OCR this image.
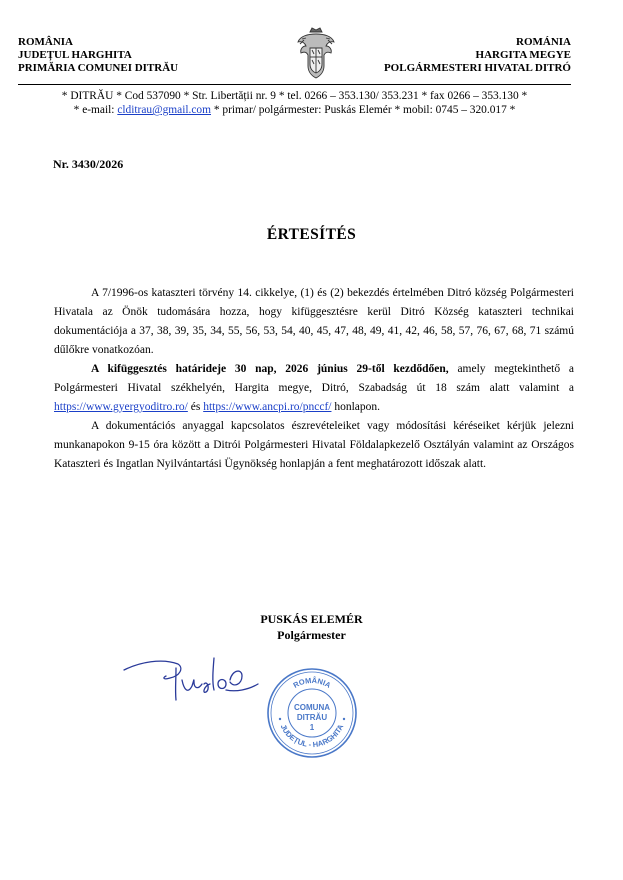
ROMÂNIA
JUDEȚUL HARGHITA
PRIMĂRIA COMUNEI DITRĂU
ROMÁNIA
HARGITA MEGYE
POLGÁRMESTERI HIVATAL DITRÓ
* DITRĂU * Cod 537090 * Str. Libertății nr. 9 * tel. 0266 – 353.130/ 353.231 * fax 0266 – 353.130 *
* e-mail: clditrau@gmail.com * primar/ polgármester: Puskás Elemér * mobil: 0745 – 320.017 *
Nr. 3430/2026
ÉRTESÍTÉS

A 7/1996-os kataszteri törvény 14. cikkelye, (1) és (2) bekezdés értelmében Ditró község Polgármesteri Hivatala az Önök tudomására hozza, hogy kifüggesztésre kerül Ditró Község kataszteri technikai dokumentációja a 37, 38, 39, 35, 34, 55, 56, 53, 54, 40, 45, 47, 48, 49, 41, 42, 46, 58, 57, 76, 67, 68, 71 számú dűlőkre vonatkozóan.

A kifüggesztés határideje 30 nap, 2026 június 29-től kezdődően, amely megtekinthető a Polgármesteri Hivatal székhelyén, Hargita megye, Ditró, Szabadság út 18 szám alatt valamint a https://www.gyergyoditro.ro/ és https://www.ancpi.ro/pnccf/ honlapon.

A dokumentációs anyaggal kapcsolatos észrevételeiket vagy módosítási kéréseiket kérjük jelezni munkanapokon 9-15 óra között a Ditrói Polgármesteri Hivatal Földalapkezelő Osztályán valamint az Országos Kataszteri és Ingatlan Nyilvántartási Ügynökség honlapján a fent meghatározott időszak alatt.

PUSKÁS ELEMÉR
Polgármester
ROMÂNIA
JUDEȚUL - HARGHITA
COMUNA
DITRĂU
1
